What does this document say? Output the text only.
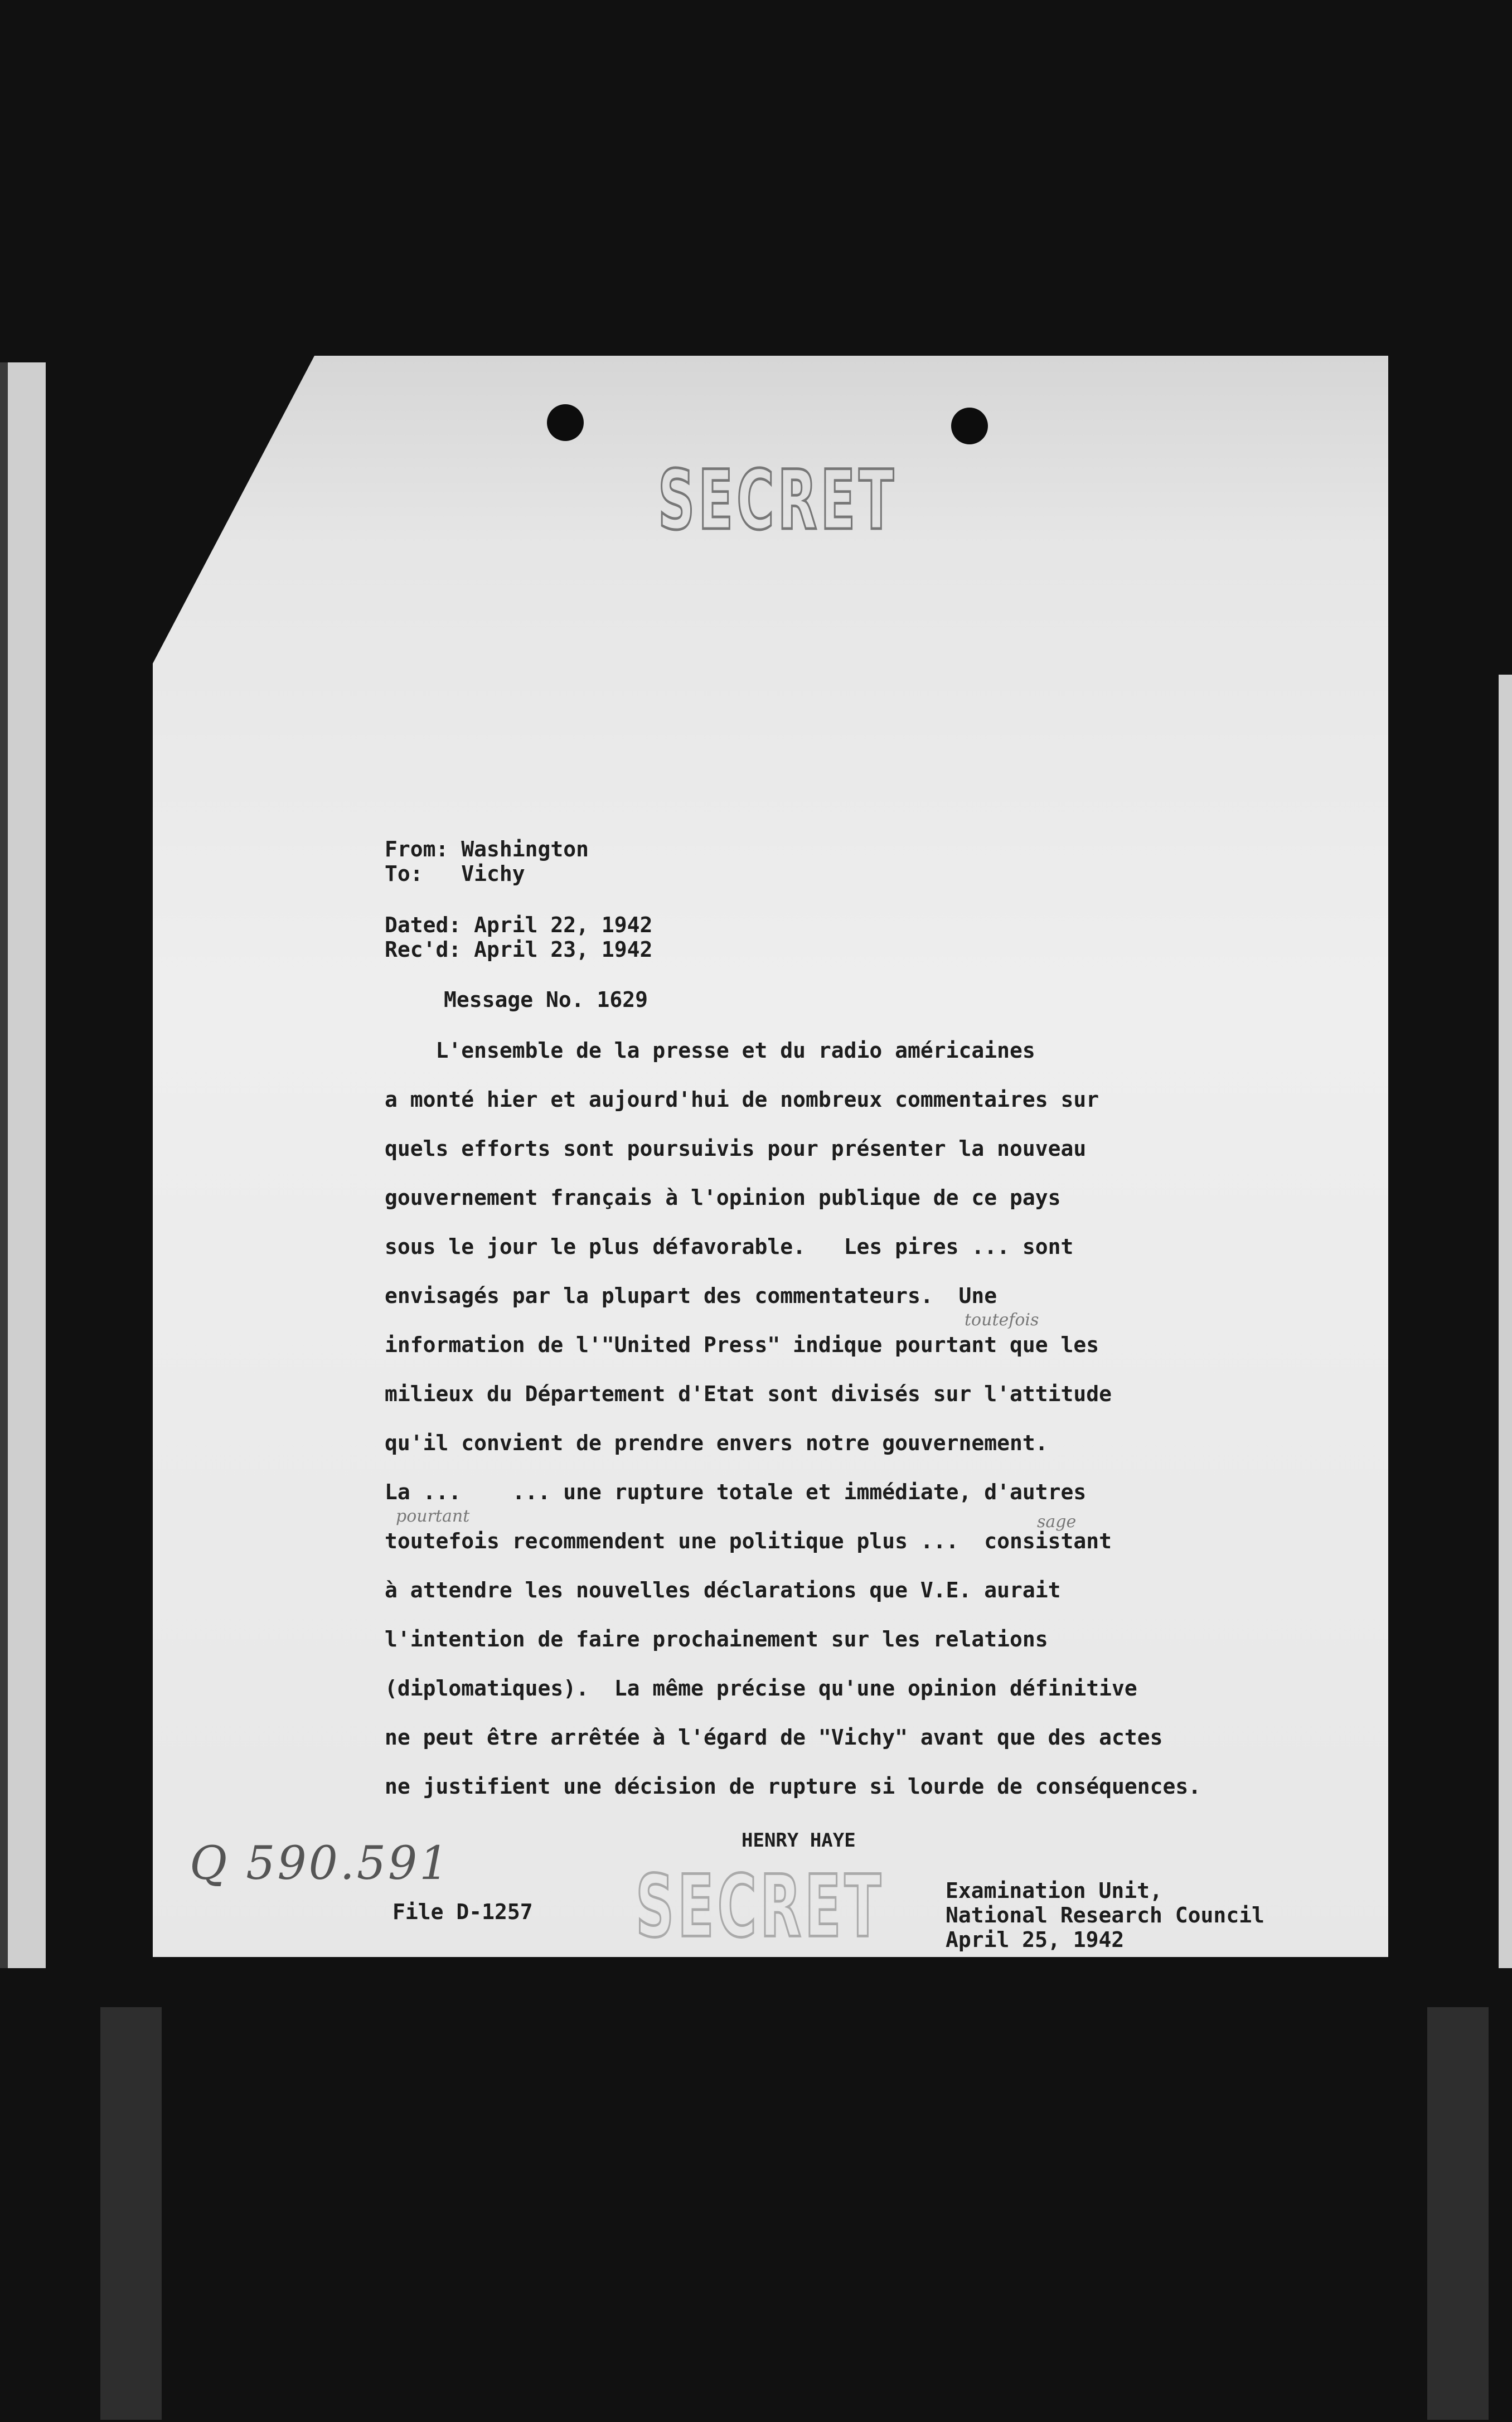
SECRET
From: Washington
To:   Vichy
Dated: April 22, 1942
Rec'd: April 23, 1942
Message No. 1629
L'ensemble de la presse et du radio américaines
a monté hier et aujourd'hui de nombreux commentaires sur
quels efforts sont poursuivis pour présenter la nouveau
gouvernement français à l'opinion publique de ce pays
sous le jour le plus défavorable.   Les pires ... sont
envisagés par la plupart des commentateurs.  Une
information de l'"United Press" indique pourtant que les
milieux du Département d'Etat sont divisés sur l'attitude
qu'il convient de prendre envers notre gouvernement.
La ...    ... une rupture totale et immédiate, d'autres
toutefois recommendent une politique plus ...  consistant
à attendre les nouvelles déclarations que V.E. aurait
l'intention de faire prochainement sur les relations
(diplomatiques).  La même précise qu'une opinion définitive
ne peut être arrêtée à l'égard de "Vichy" avant que des actes
ne justifient une décision de rupture si lourde de conséquences.
toutefois
pourtant	sage
HENRY HAYE
File D-1257
Examination Unit,
National Research Council
April 25, 1942
SECRET
Q 590.591
